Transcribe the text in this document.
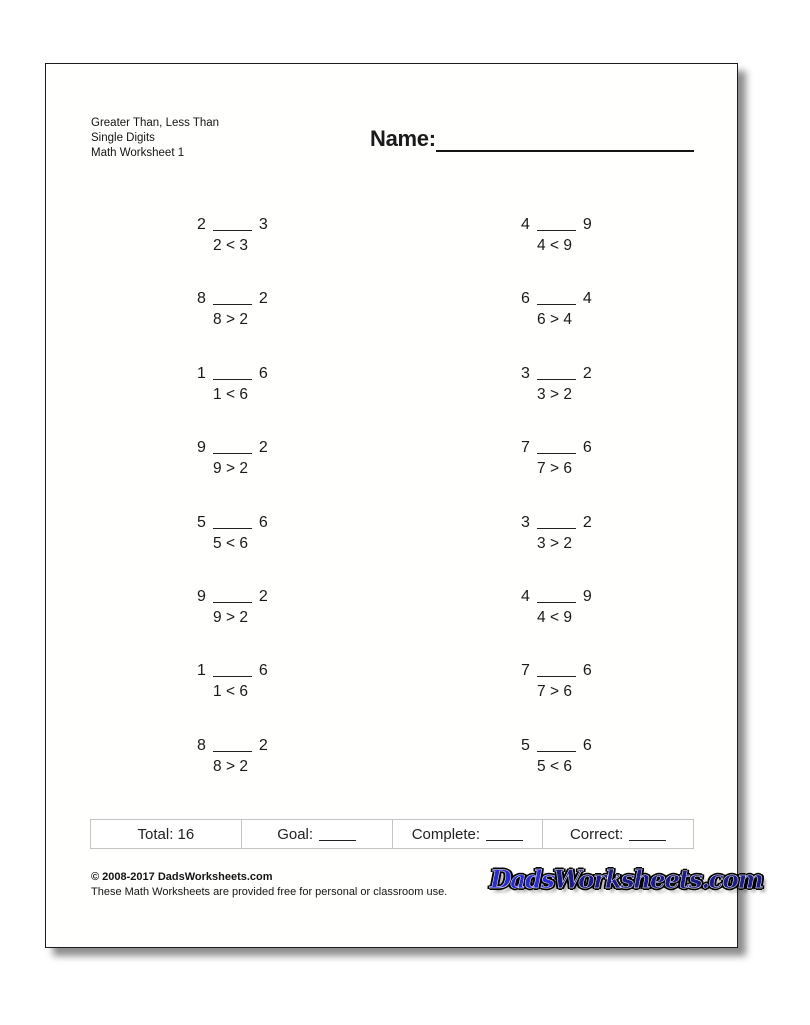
Greater Than, Less Than
Single Digits
Math Worksheet 1
Name:
2	3
2 < 3
8	2
8 > 2
1	6
1 < 6
9	2
9 > 2
5	6
5 < 6
9	2
9 > 2
1	6
1 < 6
8	2
8 > 2
4	9
4 < 9
6	4
6 > 4
3	2
3 > 2
7	6
7 > 6
3	2
3 > 2
4	9
4 < 9
7	6
7 > 6
5	6
5 < 6
Total: 16	Goal:	Complete:	Correct:
© 2008-2017 DadsWorksheets.com
These Math Worksheets are provided free for personal or classroom use. DadsWorksheets.com
